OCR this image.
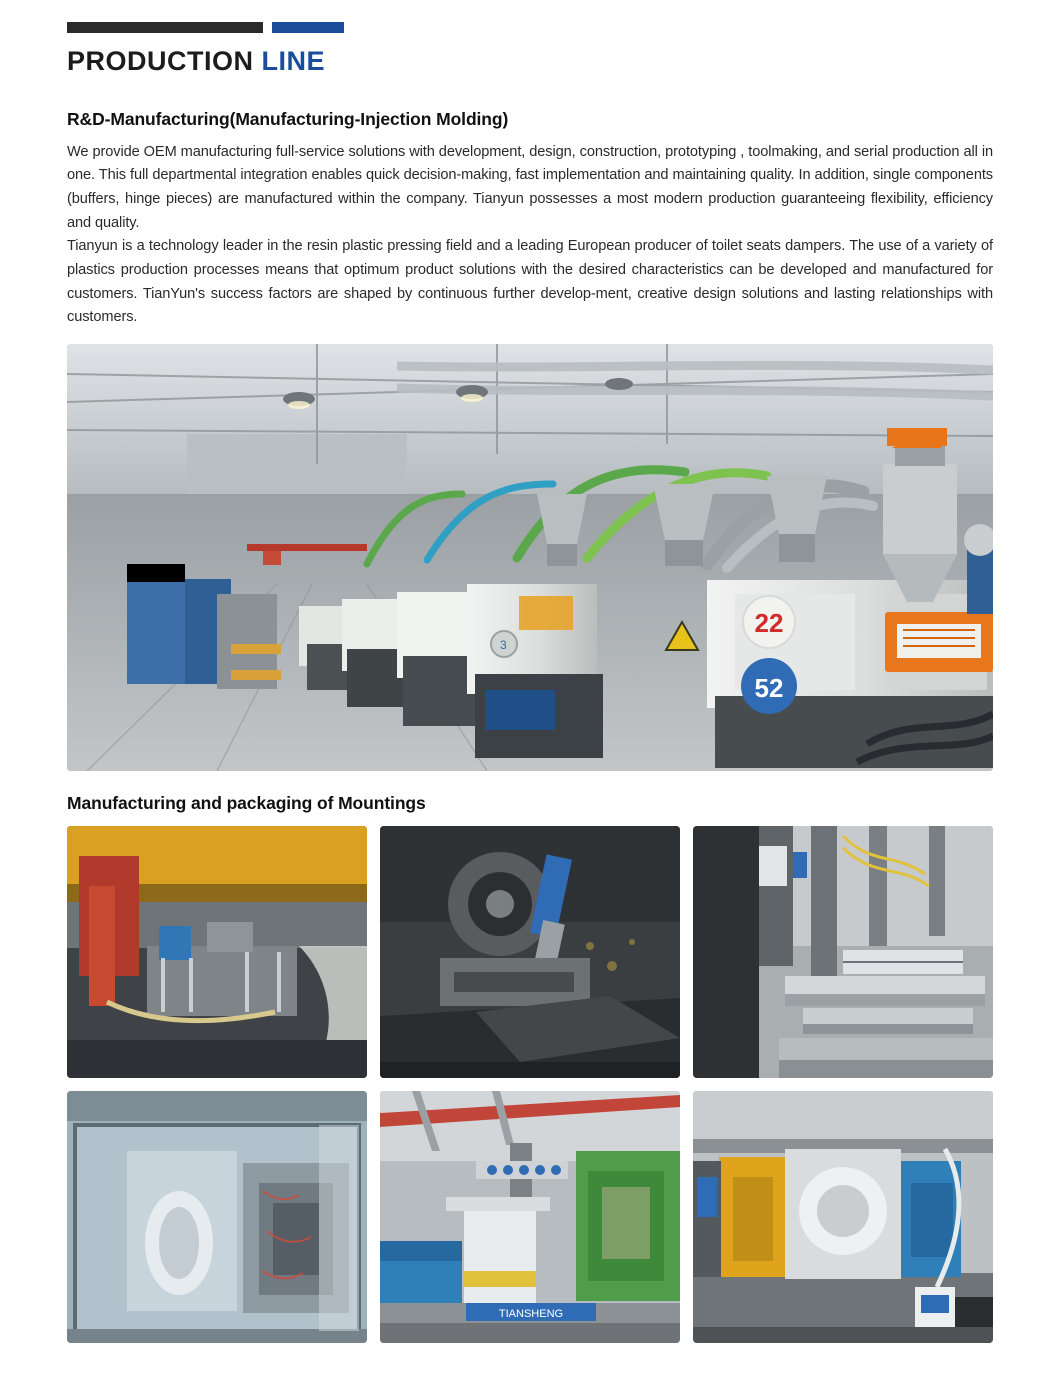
PRODUCTION LINE
R&D-Manufacturing(Manufacturing-Injection Molding)

We provide OEM manufacturing full-service solutions with development, design, construction, prototyping , toolmaking, and serial production all in one. This full departmental integration enables quick decision-making, fast implementation and maintaining quality. In addition, single components (buffers, hinge pieces) are manufactured within the company. Tianyun possesses a most modern production guaranteeing flexibility, efficiency and quality.

Tianyun is a technology leader in the resin plastic pressing field and a leading European producer of toilet seats dampers. The use of a variety of plastics production processes means that optimum product solutions with the desired characteristics can be developed and manufactured for customers. TianYun's success factors are shaped by continuous further develop-ment, creative design solutions and lasting relationships with customers.

3
22
52
Manufacturing and packaging of Mountings
TIANSHENG
